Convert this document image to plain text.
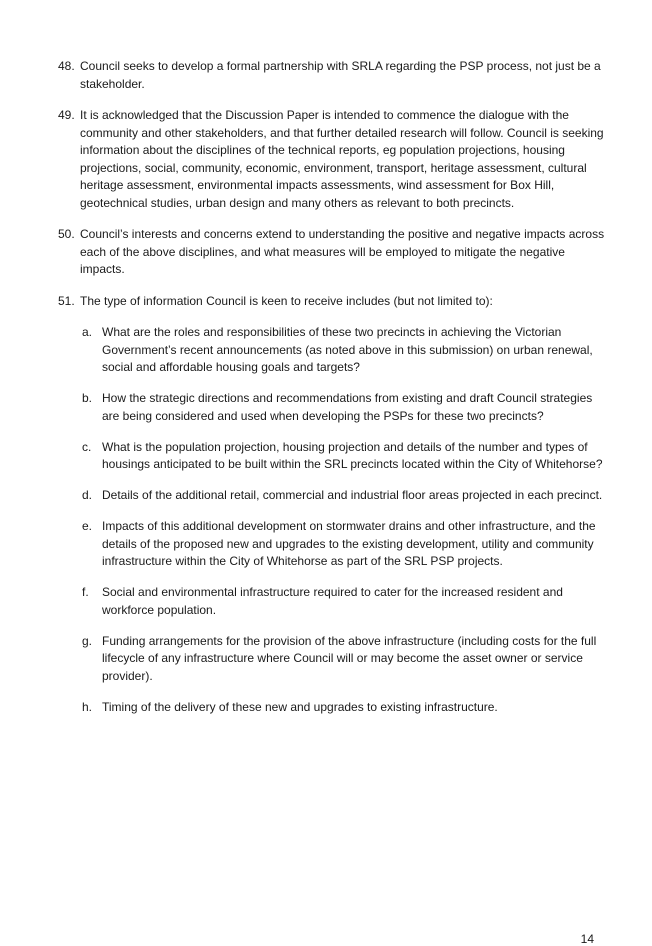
48. Council seeks to develop a formal partnership with SRLA regarding the PSP process, not just be a stakeholder.
49. It is acknowledged that the Discussion Paper is intended to commence the dialogue with the community and other stakeholders, and that further detailed research will follow. Council is seeking information about the disciplines of the technical reports, eg population projections, housing projections, social, community, economic, environment, transport, heritage assessment, cultural heritage assessment, environmental impacts assessments, wind assessment for Box Hill, geotechnical studies, urban design and many others as relevant to both precincts.
50. Council’s interests and concerns extend to understanding the positive and negative impacts across each of the above disciplines, and what measures will be employed to mitigate the negative impacts.
51. The type of information Council is keen to receive includes (but not limited to):
a. What are the roles and responsibilities of these two precincts in achieving the Victorian Government’s recent announcements (as noted above in this submission) on urban renewal, social and affordable housing goals and targets?
b. How the strategic directions and recommendations from existing and draft Council strategies are being considered and used when developing the PSPs for these two precincts?
c. What is the population projection, housing projection and details of the number and types of housings anticipated to be built within the SRL precincts located within the City of Whitehorse?
d. Details of the additional retail, commercial and industrial floor areas projected in each precinct.
e. Impacts of this additional development on stormwater drains and other infrastructure, and the details of the proposed new and upgrades to the existing development, utility and community infrastructure within the City of Whitehorse as part of the SRL PSP projects.
f.	Social and environmental infrastructure required to cater for the increased resident and workforce population.
g. Funding arrangements for the provision of the above infrastructure (including costs for the full lifecycle of any infrastructure where Council will or may become the asset owner or service provider).
h. Timing of the delivery of these new and upgrades to existing infrastructure.
14
